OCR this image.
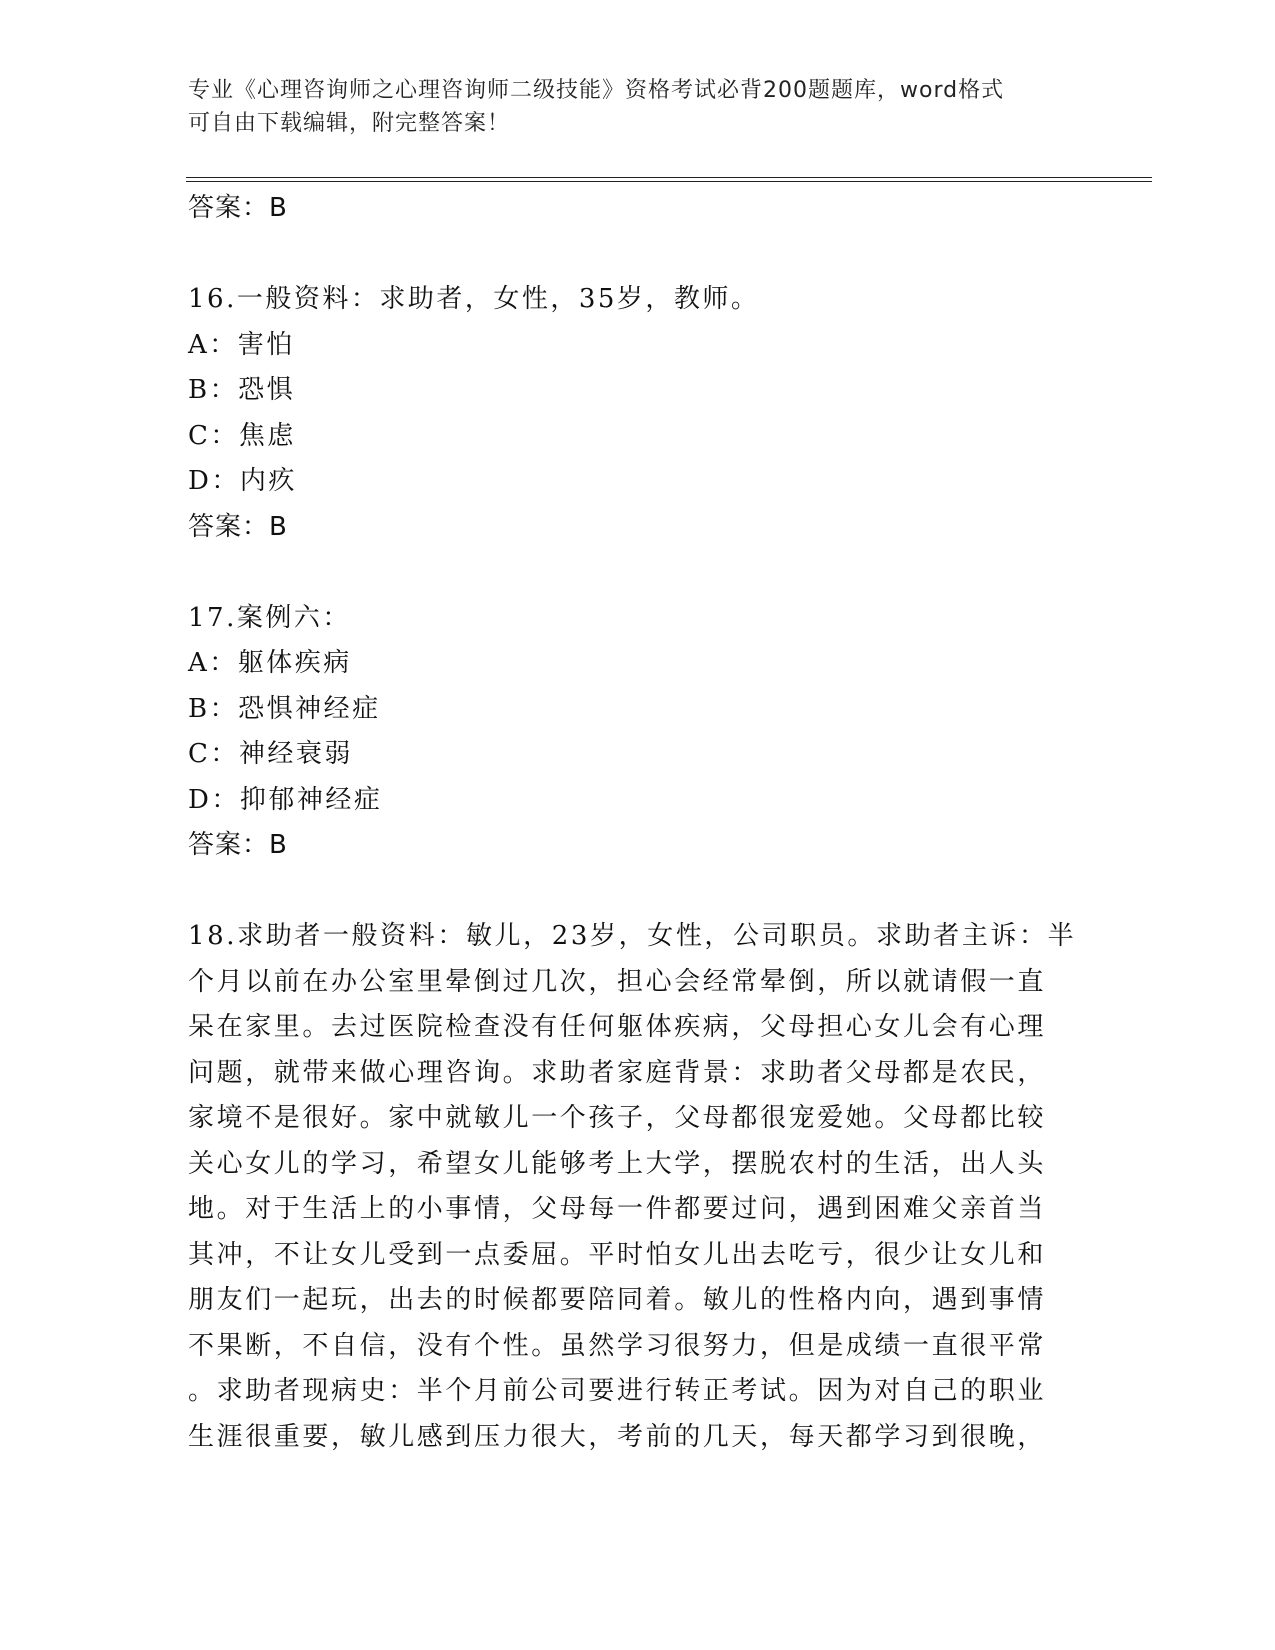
专业《心理咨询师之心理咨询师二级技能》资格考试必背200题题库，word格式
可自由下载编辑，附完整答案！
答案：B
16.一般资料：求助者，女性，35岁，教师。
A：害怕
B：恐惧
C：焦虑
D：内疚
答案：B
17.案例六：
A：躯体疾病
B：恐惧神经症
C：神经衰弱
D：抑郁神经症
答案：B
18.求助者一般资料：敏儿，23岁，女性，公司职员。求助者主诉：半
个月以前在办公室里晕倒过几次，担心会经常晕倒，所以就请假一直
呆在家里。去过医院检查没有任何躯体疾病，父母担心女儿会有心理
问题，就带来做心理咨询。求助者家庭背景：求助者父母都是农民，
家境不是很好。家中就敏儿一个孩子，父母都很宠爱她。父母都比较
关心女儿的学习，希望女儿能够考上大学，摆脱农村的生活，出人头
地。对于生活上的小事情，父母每一件都要过问，遇到困难父亲首当
其冲，不让女儿受到一点委屈。平时怕女儿出去吃亏，很少让女儿和
朋友们一起玩，出去的时候都要陪同着。敏儿的性格内向，遇到事情
不果断，不自信，没有个性。虽然学习很努力，但是成绩一直很平常
。求助者现病史：半个月前公司要进行转正考试。因为对自己的职业
生涯很重要，敏儿感到压力很大，考前的几天，每天都学习到很晚，
